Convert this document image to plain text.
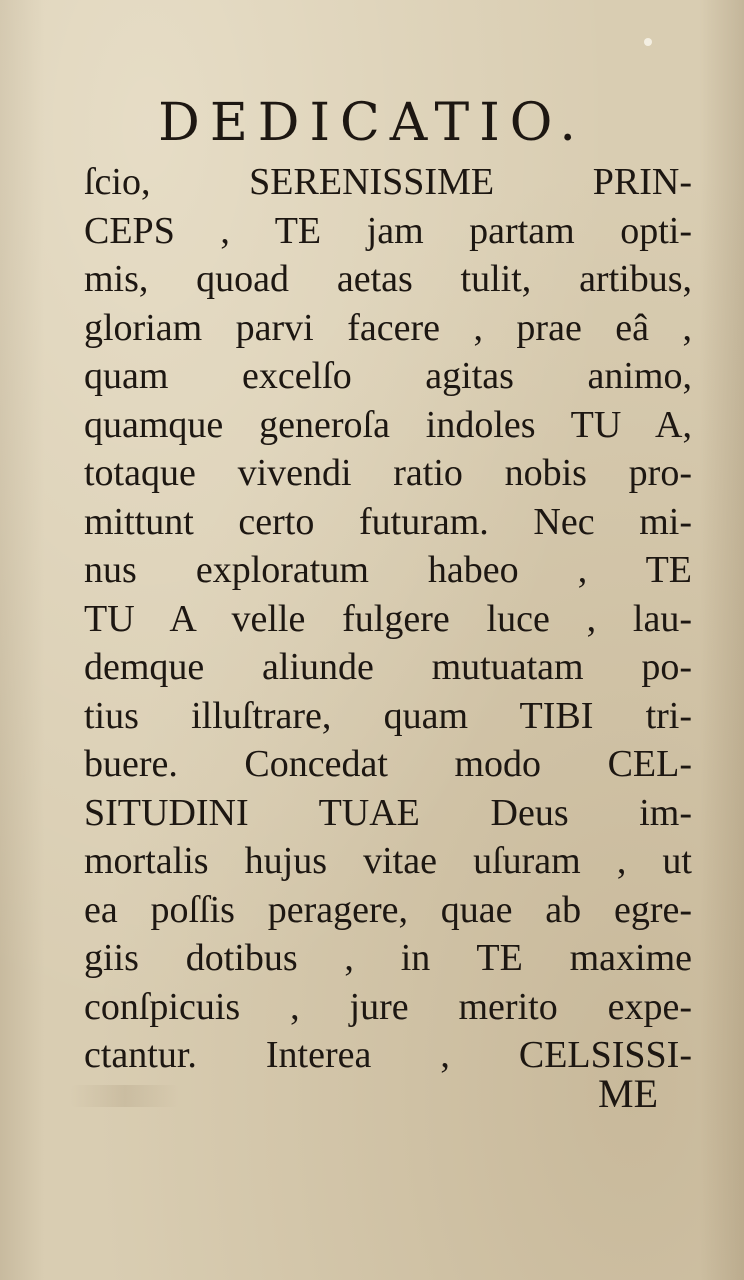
DEDICATIO.
ſcio, SERENISSIME PRIN-
CEPS , TE jam partam opti-
mis, quoad aetas tulit, artibus,
gloriam parvi facere , prae eâ ,
quam excelſo agitas animo,
quamque generoſa indoles TU A,
totaque vivendi ratio nobis pro-
mittunt certo futuram. Nec mi-
nus exploratum habeo , TE
TU A velle fulgere luce , lau-
demque aliunde mutuatam po-
tius illuſtrare, quam TIBI tri-
buere. Concedat modo CEL-
SITUDINI TUAE Deus im-
mortalis hujus vitae uſuram , ut
ea poſſis peragere, quae ab egre-
giis dotibus , in TE maxime
conſpicuis , jure merito expe-
ctantur. Interea , CELSISSI-
ME
